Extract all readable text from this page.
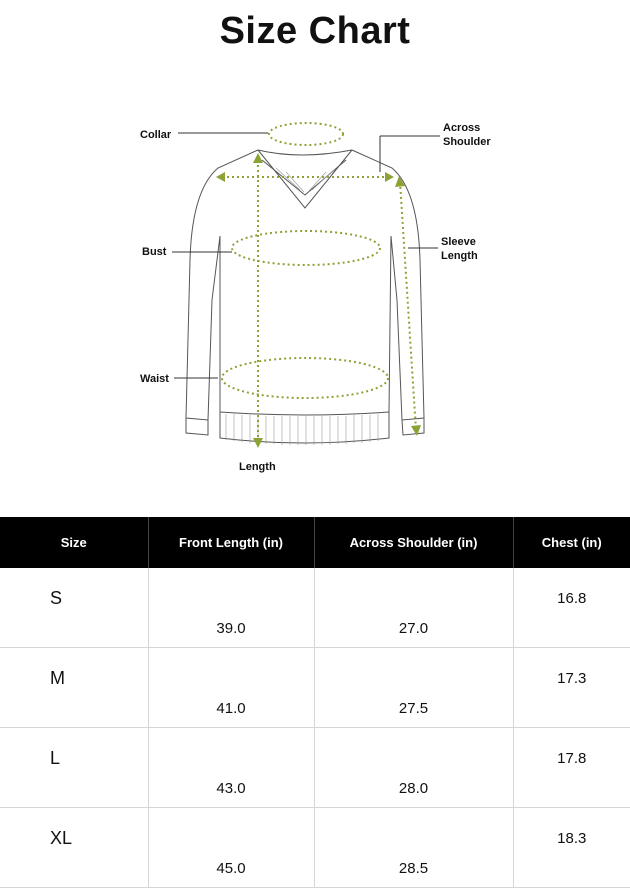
Size Chart
Collar
Across Shoulder
Bust
Sleeve Length
Waist
Length
Size	Front Length (in)	Across Shoulder (in)	Chest (in)
S	39.0	27.0	16.8
M	41.0	27.5	17.3
L	43.0	28.0	17.8
XL	45.0	28.5	18.3
